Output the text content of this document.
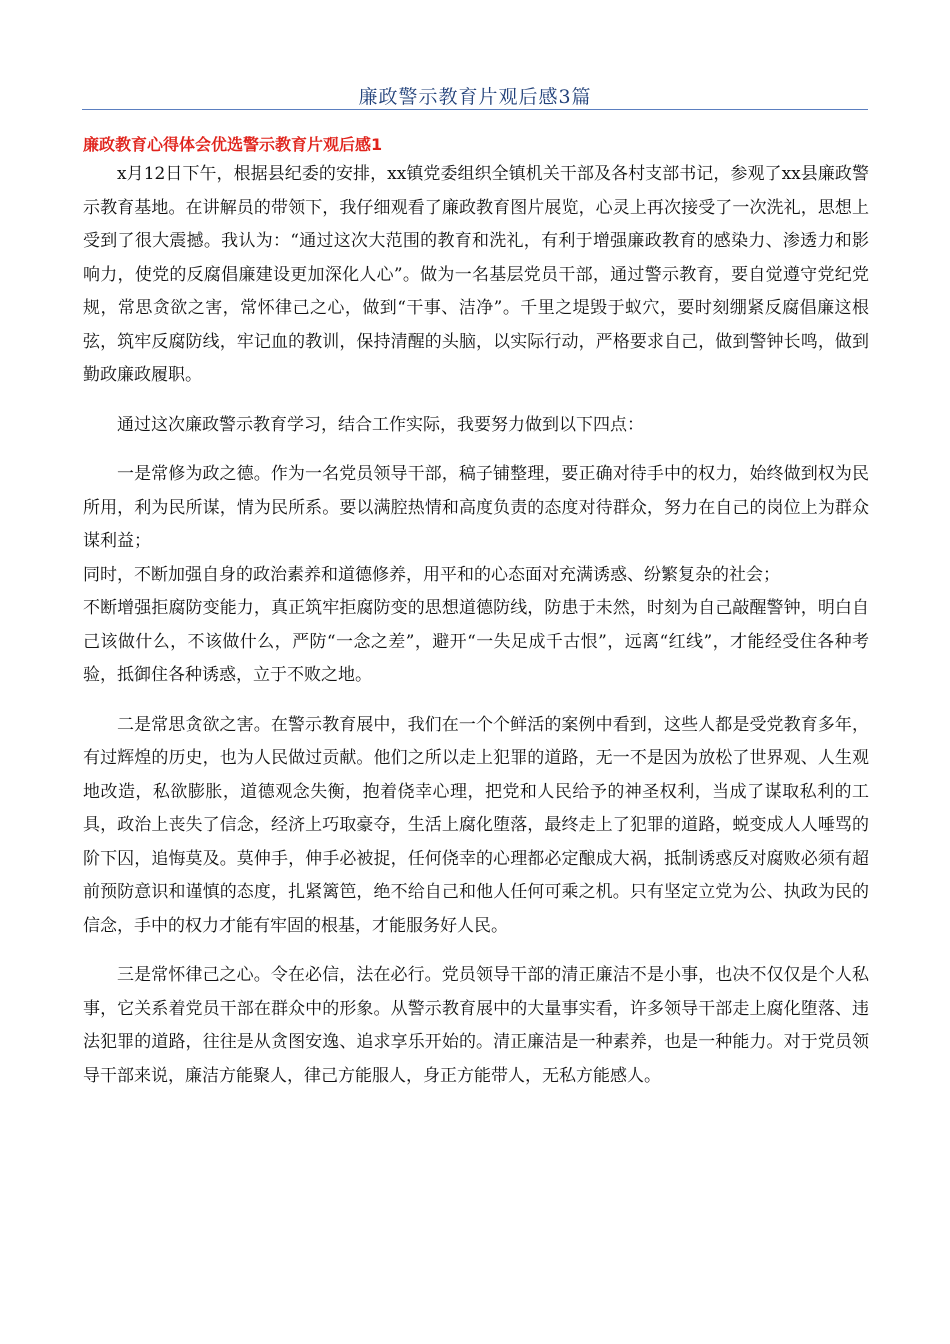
廉政警示教育片观后感3篇
廉政教育心得体会优选警示教育片观后感1

x月12日下午，根据县纪委的安排，xx镇党委组织全镇机关干部及各村支部书记，参观了xx县廉政警示教育基地。在讲解员的带领下，我仔细观看了廉政教育图片展览，心灵上再次接受了一次洗礼，思想上受到了很大震撼。我认为：“通过这次大范围的教育和洗礼，有利于增强廉政教育的感染力、渗透力和影响力，使党的反腐倡廉建设更加深化人心”。做为一名基层党员干部，通过警示教育，要自觉遵守党纪党规，常思贪欲之害，常怀律己之心，做到“干事、洁净”。千里之堤毁于蚁穴，要时刻绷紧反腐倡廉这根弦，筑牢反腐防线，牢记血的教训，保持清醒的头脑，以实际行动，严格要求自己，做到警钟长鸣，做到勤政廉政履职。

通过这次廉政警示教育学习，结合工作实际，我要努力做到以下四点：

一是常修为政之德。作为一名党员领导干部，稿子铺整理，要正确对待手中的权力，始终做到权为民所用，利为民所谋，情为民所系。要以满腔热情和高度负责的态度对待群众，努力在自己的岗位上为群众谋利益；

同时，不断加强自身的政治素养和道德修养，用平和的心态面对充满诱惑、纷繁复杂的社会；

不断增强拒腐防变能力，真正筑牢拒腐防变的思想道德防线，防患于未然，时刻为自己敲醒警钟，明白自己该做什么，不该做什么，严防“一念之差”，避开“一失足成千古恨”，远离“红线”，才能经受住各种考验，抵御住各种诱惑，立于不败之地。

二是常思贪欲之害。在警示教育展中，我们在一个个鲜活的案例中看到，这些人都是受党教育多年，有过辉煌的历史，也为人民做过贡献。他们之所以走上犯罪的道路，无一不是因为放松了世界观、人生观地改造，私欲膨胀，道德观念失衡，抱着侥幸心理，把党和人民给予的神圣权利，当成了谋取私利的工具，政治上丧失了信念，经济上巧取豪夺，生活上腐化堕落，最终走上了犯罪的道路，蜕变成人人唾骂的阶下囚，追悔莫及。莫伸手，伸手必被捉，任何侥幸的心理都必定酿成大祸，抵制诱惑反对腐败必须有超前预防意识和谨慎的态度，扎紧篱笆，绝不给自己和他人任何可乘之机。只有坚定立党为公、执政为民的信念，手中的权力才能有牢固的根基，才能服务好人民。

三是常怀律己之心。令在必信，法在必行。党员领导干部的清正廉洁不是小事，也决不仅仅是个人私事，它关系着党员干部在群众中的形象。从警示教育展中的大量事实看，许多领导干部走上腐化堕落、违法犯罪的道路，往往是从贪图安逸、追求享乐开始的。清正廉洁是一种素养，也是一种能力。对于党员领导干部来说，廉洁方能聚人，律己方能服人，身正方能带人，无私方能感人。
